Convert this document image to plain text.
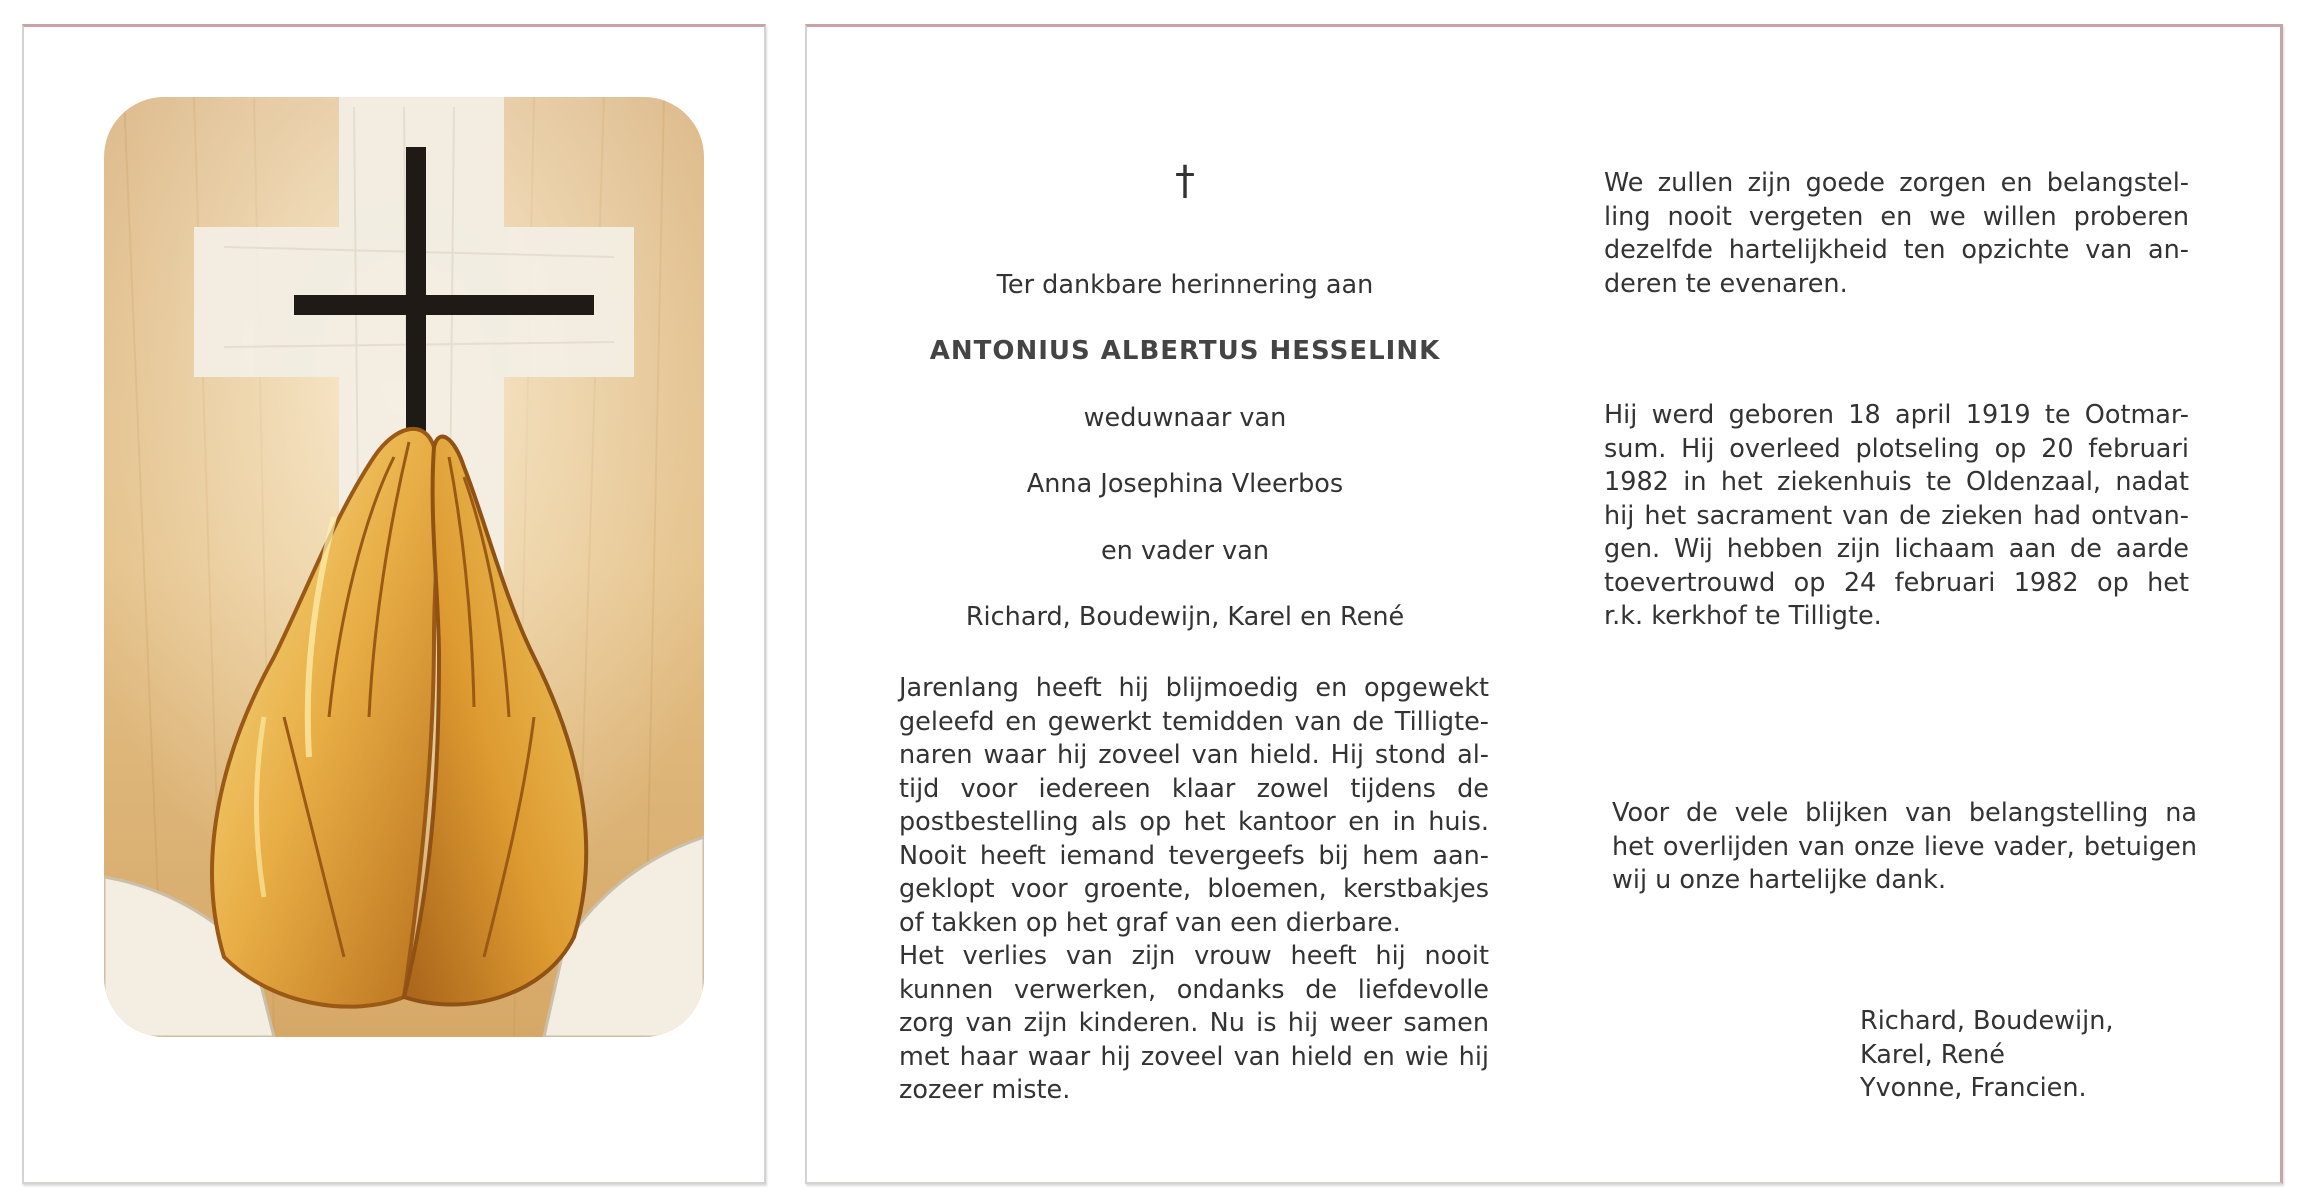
†
Ter dankbare herinnering aan
ANTONIUS ALBERTUS HESSELINK
weduwnaar van
Anna Josephina Vleerbos
en vader van
Richard, Boudewijn, Karel en René
Jarenlang heeft hij blijmoedig en opgewekt
geleefd en gewerkt temidden van de Tilligte-
naren waar hij zoveel van hield. Hij stond al-
tijd voor iedereen klaar zowel tijdens de
postbestelling als op het kantoor en in huis.
Nooit heeft iemand tevergeefs bij hem aan-
geklopt voor groente, bloemen, kerstbakjes
of takken op het graf van een dierbare.
Het verlies van zijn vrouw heeft hij nooit
kunnen verwerken, ondanks de liefdevolle
zorg van zijn kinderen. Nu is hij weer samen
met haar waar hij zoveel van hield en wie hij
zozeer miste.
We zullen zijn goede zorgen en belangstel-
ling nooit vergeten en we willen proberen
dezelfde hartelijkheid ten opzichte van an-
deren te evenaren.
Hij werd geboren 18 april 1919 te Ootmar-
sum. Hij overleed plotseling op 20 februari
1982 in het ziekenhuis te Oldenzaal, nadat
hij het sacrament van de zieken had ontvan-
gen. Wij hebben zijn lichaam aan de aarde
toevertrouwd op 24 februari 1982 op het
r.k. kerkhof te Tilligte.
Voor de vele blijken van belangstelling na
het overlijden van onze lieve vader, betuigen
wij u onze hartelijke dank.
Richard, Boudewijn,
Karel, René
Yvonne, Francien.
